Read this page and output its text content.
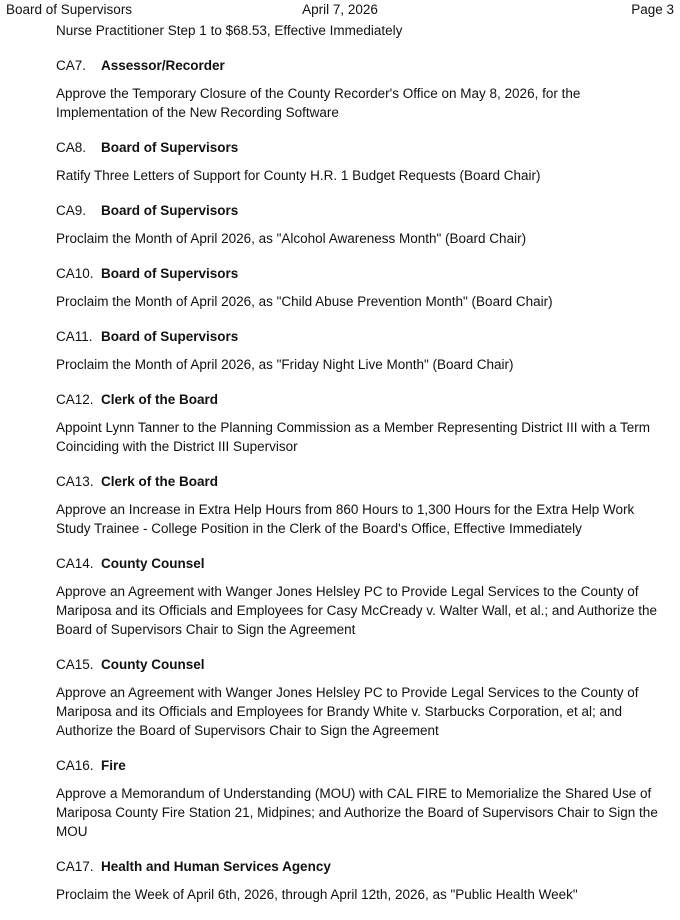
Board of Supervisors	April 7, 2026	Page 3

Nurse Practitioner Step 1 to $68.53, Effective Immediately

CA7. Assessor/Recorder

Approve the Temporary Closure of the County Recorder's Office on May 8, 2026, for the Implementation of the New Recording Software

CA8. Board of Supervisors

Ratify Three Letters of Support for County H.R. 1 Budget Requests (Board Chair)

CA9. Board of Supervisors

Proclaim the Month of April 2026, as "Alcohol Awareness Month" (Board Chair)

CA10. Board of Supervisors

Proclaim the Month of April 2026, as "Child Abuse Prevention Month" (Board Chair)

CA11. Board of Supervisors

Proclaim the Month of April 2026, as "Friday Night Live Month" (Board Chair)

CA12. Clerk of the Board

Appoint Lynn Tanner to the Planning Commission as a Member Representing District III with a Term Coinciding with the District III Supervisor

CA13. Clerk of the Board

Approve an Increase in Extra Help Hours from 860 Hours to 1,300 Hours for the Extra Help Work Study Trainee - College Position in the Clerk of the Board's Office, Effective Immediately

CA14. County Counsel

Approve an Agreement with Wanger Jones Helsley PC to Provide Legal Services to the County of Mariposa and its Officials and Employees for Casy McCready v. Walter Wall, et al.; and Authorize the Board of Supervisors Chair to Sign the Agreement

CA15. County Counsel

Approve an Agreement with Wanger Jones Helsley PC to Provide Legal Services to the County of Mariposa and its Officials and Employees for Brandy White v. Starbucks Corporation, et al; and Authorize the Board of Supervisors Chair to Sign the Agreement

CA16. Fire

Approve a Memorandum of Understanding (MOU) with CAL FIRE to Memorialize the Shared Use of Mariposa County Fire Station 21, Midpines; and Authorize the Board of Supervisors Chair to Sign the MOU

CA17. Health and Human Services Agency

Proclaim the Week of April 6th, 2026, through April 12th, 2026, as "Public Health Week"
